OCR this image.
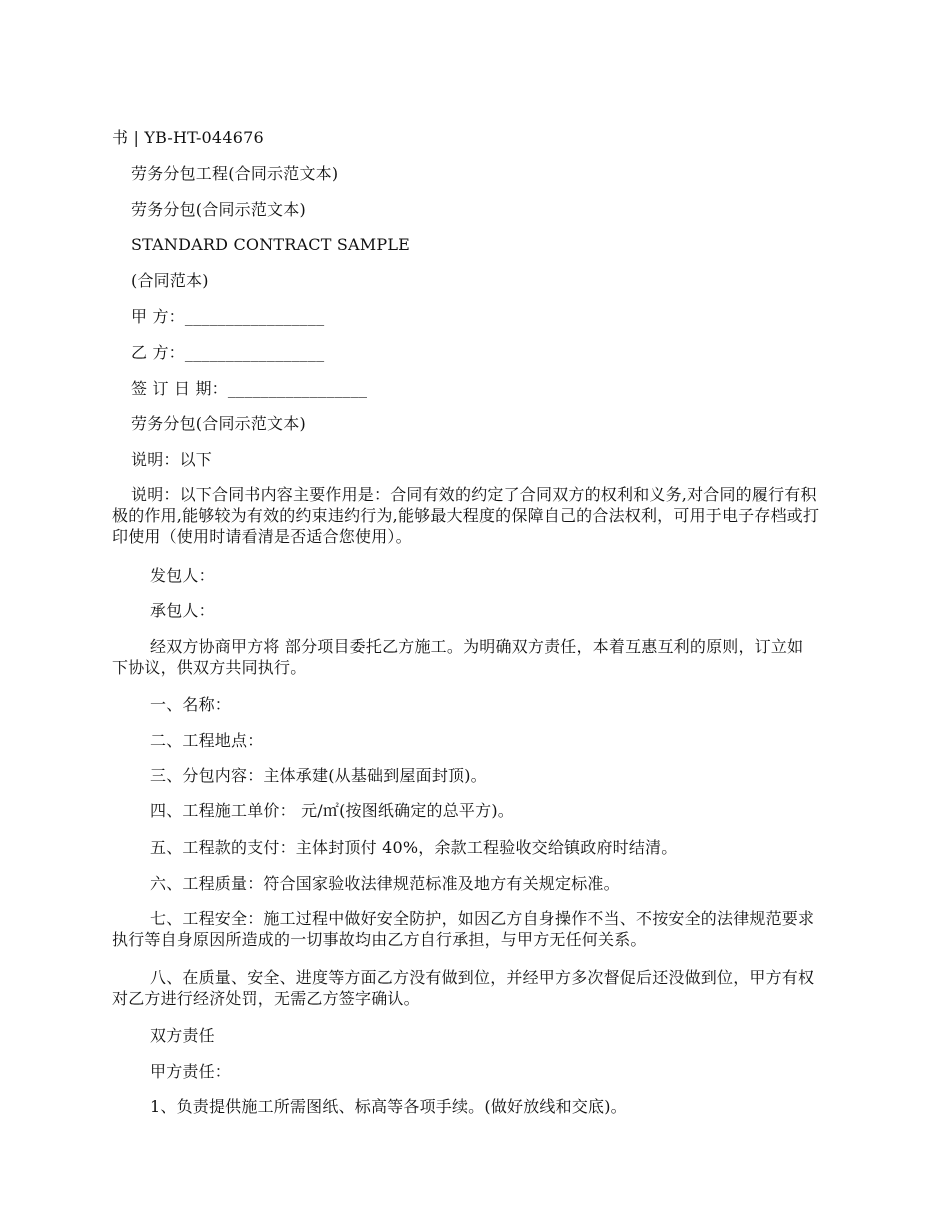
书 | YB-HT-044676
劳务分包工程(合同示范文本)
劳务分包(合同示范文本)
STANDARD CONTRACT SAMPLE
(合同范本)
甲 方：_________________
乙 方：_________________
签 订 日 期：_________________
劳务分包(合同示范文本)
说明：以下
说明：以下合同书内容主要作用是：合同有效的约定了合同双方的权利和义务,对合同的履行有积极的作用,能够较为有效的约束违约行为,能够最大程度的保障自己的合法权利，可用于电子存档或打印使用（使用时请看清是否适合您使用）。
发包人：
承包人：
经双方协商甲方将 部分项目委托乙方施工。为明确双方责任，本着互惠互利的原则，订立如下协议，供双方共同执行。
一、名称：
二、工程地点：
三、分包内容：主体承建(从基础到屋面封顶)。
四、工程施工单价： 元/㎡(按图纸确定的总平方)。
五、工程款的支付：主体封顶付 40%，余款工程验收交给镇政府时结清。
六、工程质量：符合国家验收法律规范标准及地方有关规定标准。
七、工程安全：施工过程中做好安全防护，如因乙方自身操作不当、不按安全的法律规范要求执行等自身原因所造成的一切事故均由乙方自行承担，与甲方无任何关系。
八、在质量、安全、进度等方面乙方没有做到位，并经甲方多次督促后还没做到位，甲方有权对乙方进行经济处罚，无需乙方签字确认。
双方责任
甲方责任：
1、负责提供施工所需图纸、标高等各项手续。(做好放线和交底)。
